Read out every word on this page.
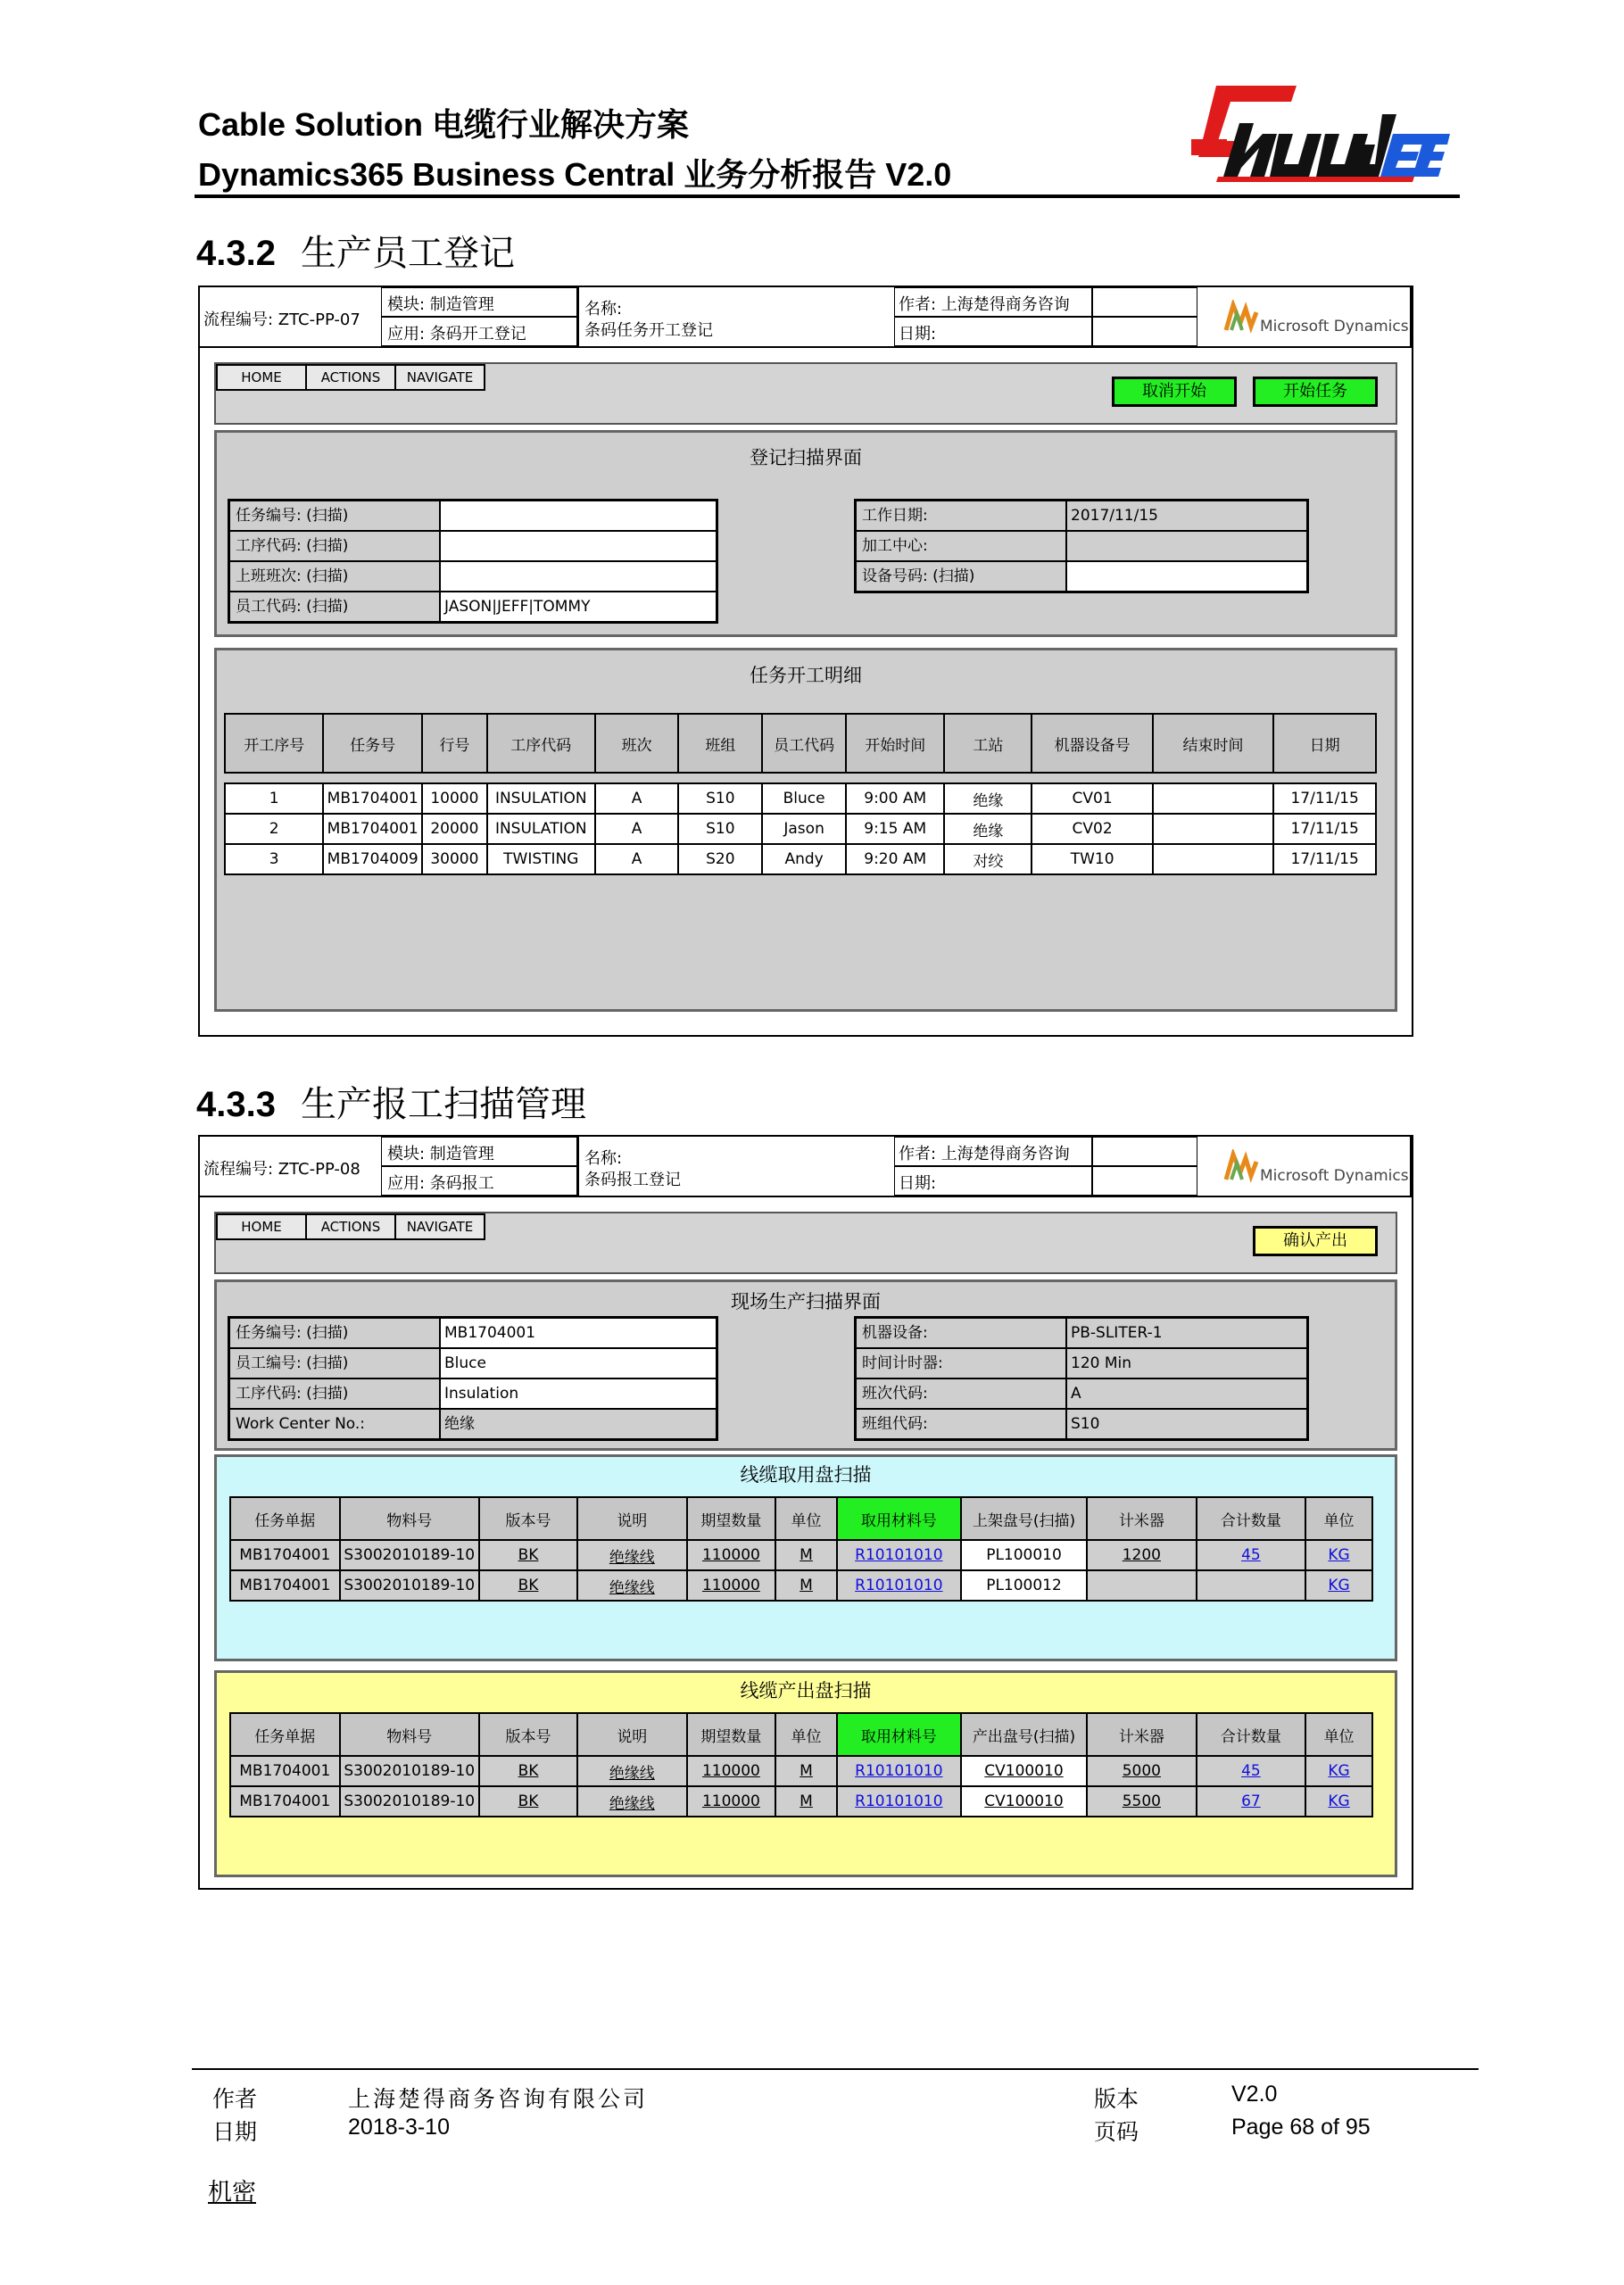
Cable Solution 电缆行业解决方案
Dynamics365 Business Central 业务分析报告 V2.0
4.3.2 生产员工登记
流程编号: ZTC-PP-07
模块: 制造管理
应用: 条码开工登记
名称:
条码任务开工登记
作者: 上海楚得商务咨询
日期:	Microsoft Dynamics
HOME	ACTIONS	NAVIGATE
取消开始	开始任务
登记扫描界面
任务编号: (扫描)
工序代码: (扫描)
上班班次: (扫描)
员工代码: (扫描)	JASON|JEFF|TOMMY
工作日期:	2017/11/15
加工中心:
设备号码: (扫描)
任务开工明细
开工序号	任务号	行号	工序代码	班次	班组	员工代码	开始时间	工站	机器设备号	结束时间	日期

1	MB1704001	10000	INSULATION	A	S10	Bluce	9:00 AM	绝缘	CV01		17/11/15
2	MB1704001	20000	INSULATION	A	S10	Jason	9:15 AM	绝缘	CV02		17/11/15
3	MB1704009	30000	TWISTING	A	S20	Andy	9:20 AM	对绞	TW10		17/11/15
4.3.3 生产报工扫描管理
流程编号: ZTC-PP-08
模块: 制造管理
应用: 条码报工
名称:
条码报工登记
作者: 上海楚得商务咨询
日期:	Microsoft Dynamics
HOME	ACTIONS	NAVIGATE
确认产出
现场生产扫描界面
任务编号: (扫描)	MB1704001
员工编号: (扫描)	Bluce
工序代码: (扫描)	Insulation
Work Center No.:	绝缘
机器设备:	PB-SLITER-1
时间计时器:	120 Min
班次代码:	A
班组代码:	S10
线缆取用盘扫描
任务单据	物料号	版本号	说明	期望数量	单位	取用材料号	上架盘号(扫描)	计米器	合计数量	单位
MB1704001	S3002010189-10	BK	绝缘线	110000	M	R10101010	PL100010	1200	45	KG
MB1704001	S3002010189-10	BK	绝缘线	110000	M	R10101010	PL100012			KG
线缆产出盘扫描
任务单据	物料号	版本号	说明	期望数量	单位	取用材料号	产出盘号(扫描)	计米器	合计数量	单位
MB1704001	S3002010189-10	BK	绝缘线	110000	M	R10101010	CV100010	5000	45	KG
MB1704001	S3002010189-10	BK	绝缘线	110000	M	R10101010	CV100010	5500	67	KG
作者	上海楚得商务咨询有限公司
日期	2018-3-10
版本	V2.0
页码	Page 68 of 95
机密
